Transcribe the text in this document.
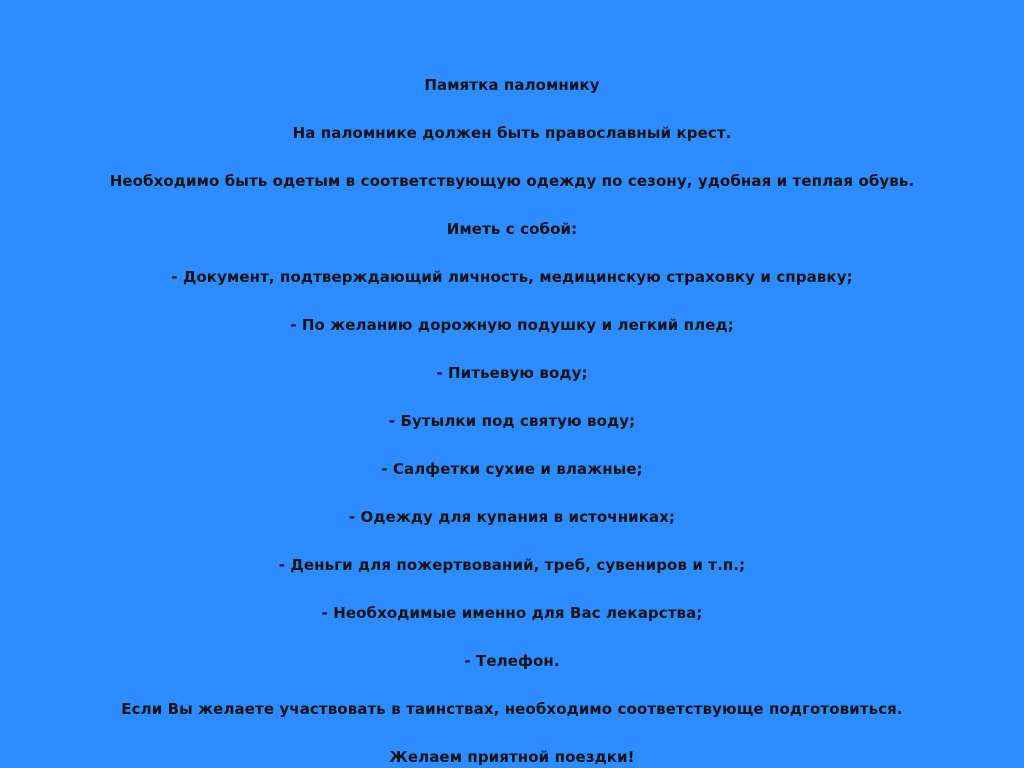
Памятка паломнику
На паломнике должен быть православный крест.
Необходимо быть одетым в соответствующую одежду по сезону, удобная и теплая обувь.
Иметь с собой:
- Документ, подтверждающий личность, медицинскую страховку и справку;
- По желанию дорожную подушку и легкий плед;
- Питьевую воду;
- Бутылки под святую воду;
- Салфетки сухие и влажные;
- Одежду для купания в источниках;
- Деньги для пожертвований, треб, сувениров и т.п.;
- Необходимые именно для Вас лекарства;
- Телефон.
Если Вы желаете участвовать в таинствах, необходимо соответствующе подготовиться.
Желаем приятной поездки!
